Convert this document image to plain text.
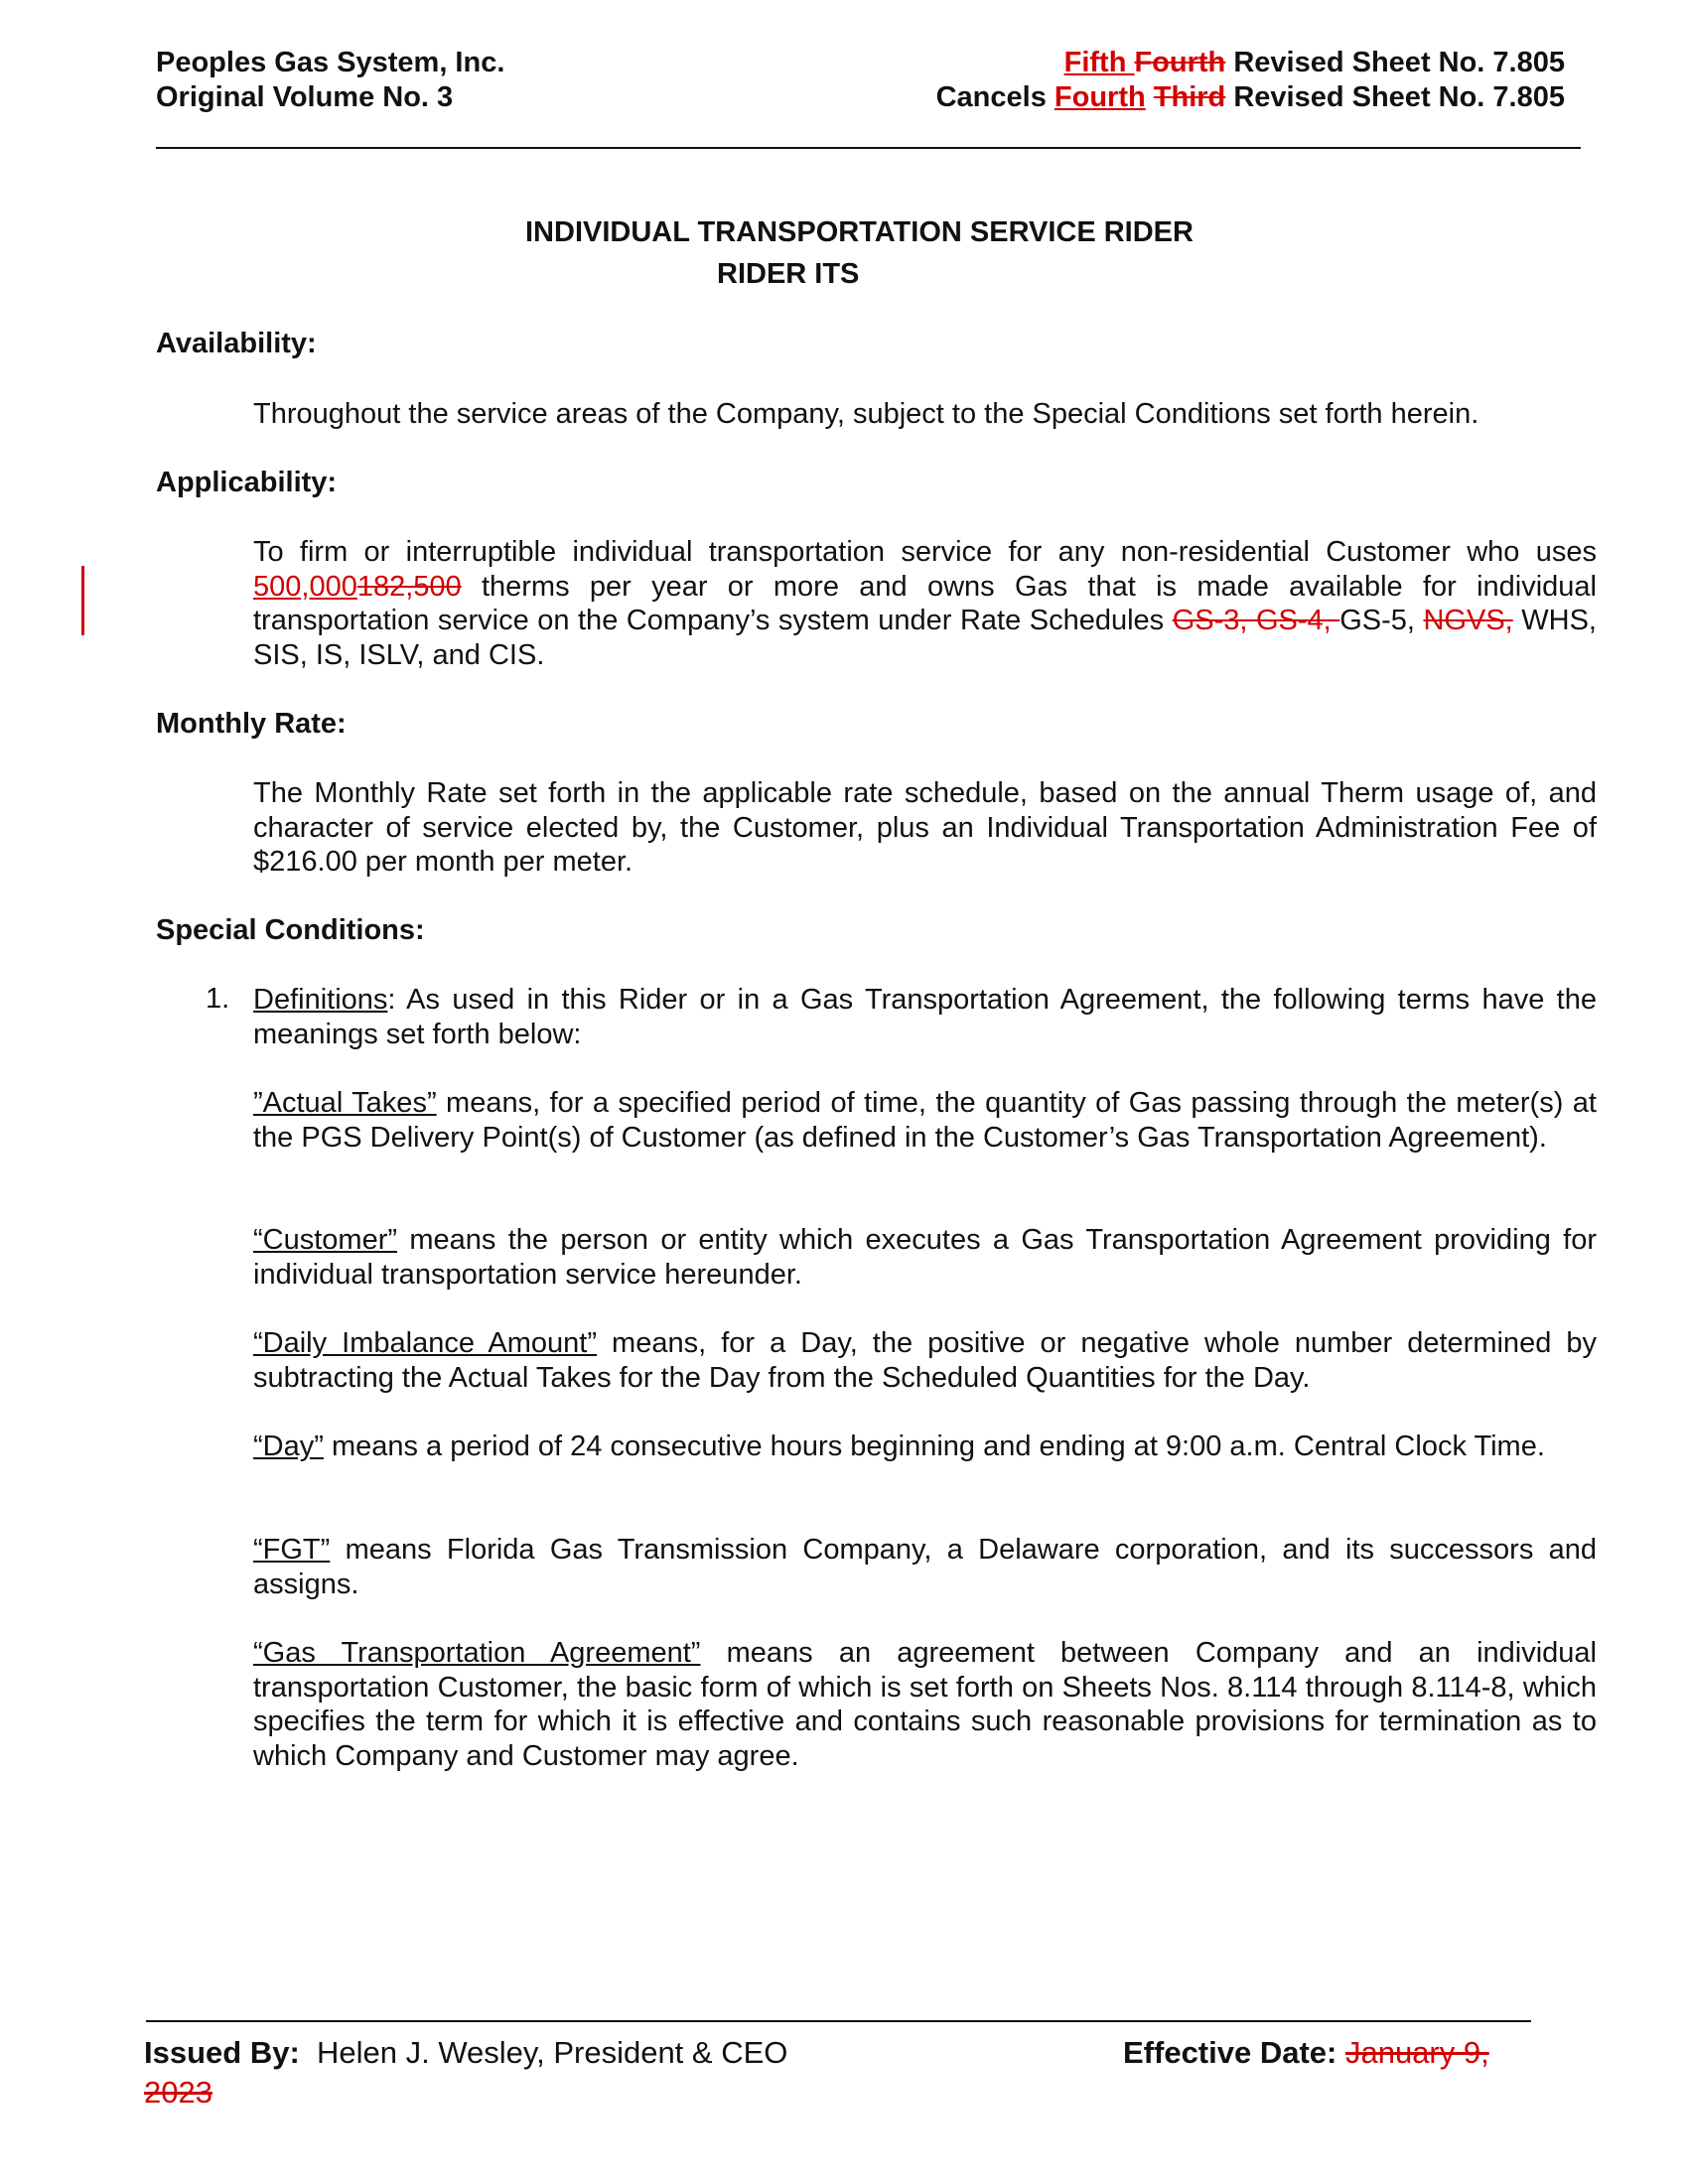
Peoples Gas System, Inc.
Original Volume No. 3
Fifth Fourth Revised Sheet No. 7.805
Cancels Fourth Third Revised Sheet No. 7.805
INDIVIDUAL TRANSPORTATION SERVICE RIDER
RIDER ITS
Availability:
Throughout the service areas of the Company, subject to the Special Conditions set forth herein.
Applicability:
To firm or interruptible individual transportation service for any non-residential Customer who uses 500,000182,500 therms per year or more and owns Gas that is made available for individual transportation service on the Company’s system under Rate Schedules GS-3, GS-4, GS-5, NGVS, WHS, SIS, IS, ISLV, and CIS.
Monthly Rate:
The Monthly Rate set forth in the applicable rate schedule, based on the annual Therm usage of, and character of service elected by, the Customer, plus an Individual Transportation Administration Fee of $216.00 per month per meter.
Special Conditions:
1. Definitions: As used in this Rider or in a Gas Transportation Agreement, the following terms have the meanings set forth below:
”Actual Takes” means, for a specified period of time, the quantity of Gas passing through the meter(s) at the PGS Delivery Point(s) of Customer (as defined in the Customer’s Gas Transportation Agreement).
“Customer” means the person or entity which executes a Gas Transportation Agreement providing for individual transportation service hereunder.
“Daily Imbalance Amount” means, for a Day, the positive or negative whole number determined by subtracting the Actual Takes for the Day from the Scheduled Quantities for the Day.
“Day” means a period of 24 consecutive hours beginning and ending at 9:00 a.m. Central Clock Time.
“FGT” means Florida Gas Transmission Company, a Delaware corporation, and its successors and assigns.
“Gas Transportation Agreement” means an agreement between Company and an individual transportation Customer, the basic form of which is set forth on Sheets Nos. 8.114 through 8.114-8, which specifies the term for which it is effective and contains such reasonable provisions for termination as to which Company and Customer may agree.
Issued By:  Helen J. Wesley, President & CEO	Effective Date: January 9,
2023
